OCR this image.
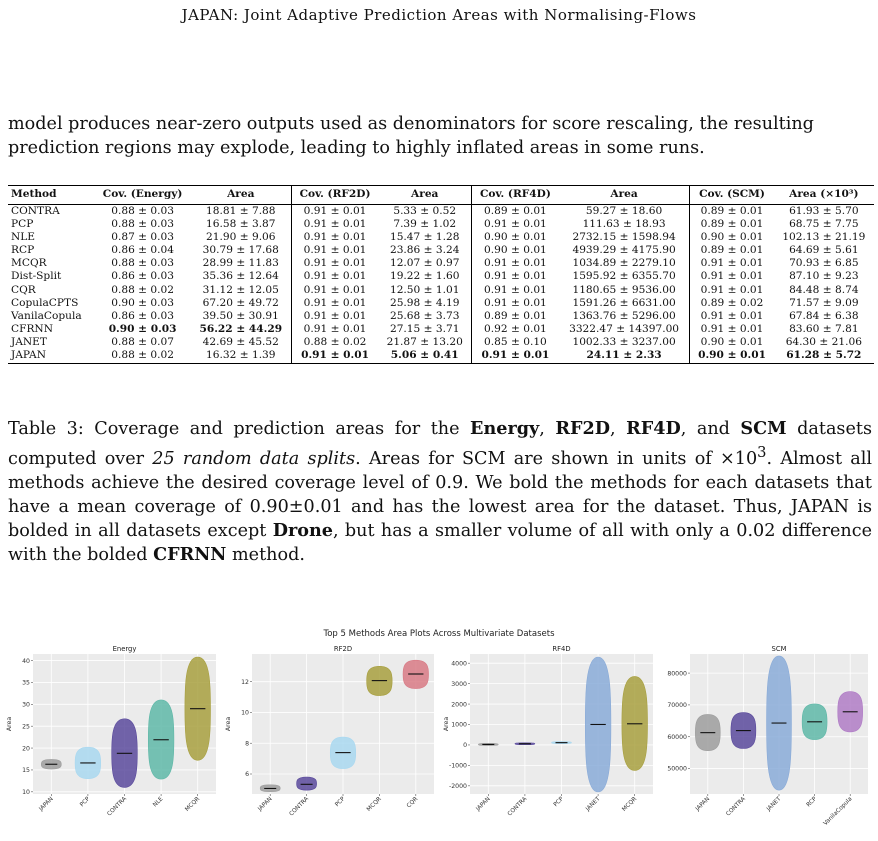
JAPAN: Joint Adaptive Prediction Areas with Normalising-Flows

model produces near-zero outputs used as denominators for score rescaling, the resulting prediction regions may explode, leading to highly inflated areas in some runs.

Method	Cov. (Energy)	Area	Cov. (RF2D)	Area	Cov. (RF4D)	Area	Cov. (SCM)	Area (×10³)
CONTRA	0.88 ± 0.03	18.81 ± 7.88	0.91 ± 0.01	5.33 ± 0.52	0.89 ± 0.01	59.27 ± 18.60	0.89 ± 0.01	61.93 ± 5.70
PCP	0.88 ± 0.03	16.58 ± 3.87	0.91 ± 0.01	7.39 ± 1.02	0.91 ± 0.01	111.63 ± 18.93	0.89 ± 0.01	68.75 ± 7.75
NLE	0.87 ± 0.03	21.90 ± 9.06	0.91 ± 0.01	15.47 ± 1.28	0.90 ± 0.01	2732.15 ± 1598.94	0.90 ± 0.01	102.13 ± 21.19
RCP	0.86 ± 0.04	30.79 ± 17.68	0.91 ± 0.01	23.86 ± 3.24	0.90 ± 0.01	4939.29 ± 4175.90	0.89 ± 0.01	64.69 ± 5.61
MCQR	0.88 ± 0.03	28.99 ± 11.83	0.91 ± 0.01	12.07 ± 0.97	0.91 ± 0.01	1034.89 ± 2279.10	0.91 ± 0.01	70.93 ± 6.85
Dist-Split	0.86 ± 0.03	35.36 ± 12.64	0.91 ± 0.01	19.22 ± 1.60	0.91 ± 0.01	1595.92 ± 6355.70	0.91 ± 0.01	87.10 ± 9.23
CQR	0.88 ± 0.02	31.12 ± 12.05	0.91 ± 0.01	12.50 ± 1.01	0.91 ± 0.01	1180.65 ± 9536.00	0.91 ± 0.01	84.48 ± 8.74
CopulaCPTS	0.90 ± 0.03	67.20 ± 49.72	0.91 ± 0.01	25.98 ± 4.19	0.91 ± 0.01	1591.26 ± 6631.00	0.89 ± 0.02	71.57 ± 9.09
VanilaCopula	0.86 ± 0.03	39.50 ± 30.91	0.91 ± 0.01	25.68 ± 3.73	0.89 ± 0.01	1363.76 ± 5296.00	0.91 ± 0.01	67.84 ± 6.38
CFRNN	0.90 ± 0.03	56.22 ± 44.29	0.91 ± 0.01	27.15 ± 3.71	0.92 ± 0.01	3322.47 ± 14397.00	0.91 ± 0.01	83.60 ± 7.81
JANET	0.88 ± 0.07	42.69 ± 45.52	0.88 ± 0.02	21.87 ± 13.20	0.85 ± 0.10	1002.33 ± 3237.00	0.90 ± 0.01	64.30 ± 21.06
JAPAN	0.88 ± 0.02	16.32 ± 1.39	0.91 ± 0.01	5.06 ± 0.41	0.91 ± 0.01	24.11 ± 2.33	0.90 ± 0.01	61.28 ± 5.72

Table 3: Coverage and prediction areas for the Energy, RF2D, RF4D, and SCM datasets computed over 25 random data splits. Areas for SCM are shown in units of $\times 10^3$. Almost all methods achieve the desired coverage level of 0.9. We bold the methods for each datasets that have a mean coverage of 0.90±0.01 and has the lowest area for the dataset. Thus, JAPAN is bolded in all datasets except Drone, but has a smaller volume of all with only a 0.02 difference with the bolded CFRNN method.

Top 5 Methods Area Plots Across Multivariate Datasets
10
15
20
25
30
35
40
Energy
Area
JAPAN	PCP	CONTRA	NLE	MCQR
6
8
10
12
RF2D
Area
JAPAN	CONTRA	PCP	MCQR	CQR
-2000
-1000
0
1000
2000
3000
4000
RF4D
Area
JAPAN	CONTRA	PCP	JANET	MCQR
50000
60000
70000
80000
SCM
JAPAN CONTRA	JANET	RCP VanilaCopula
